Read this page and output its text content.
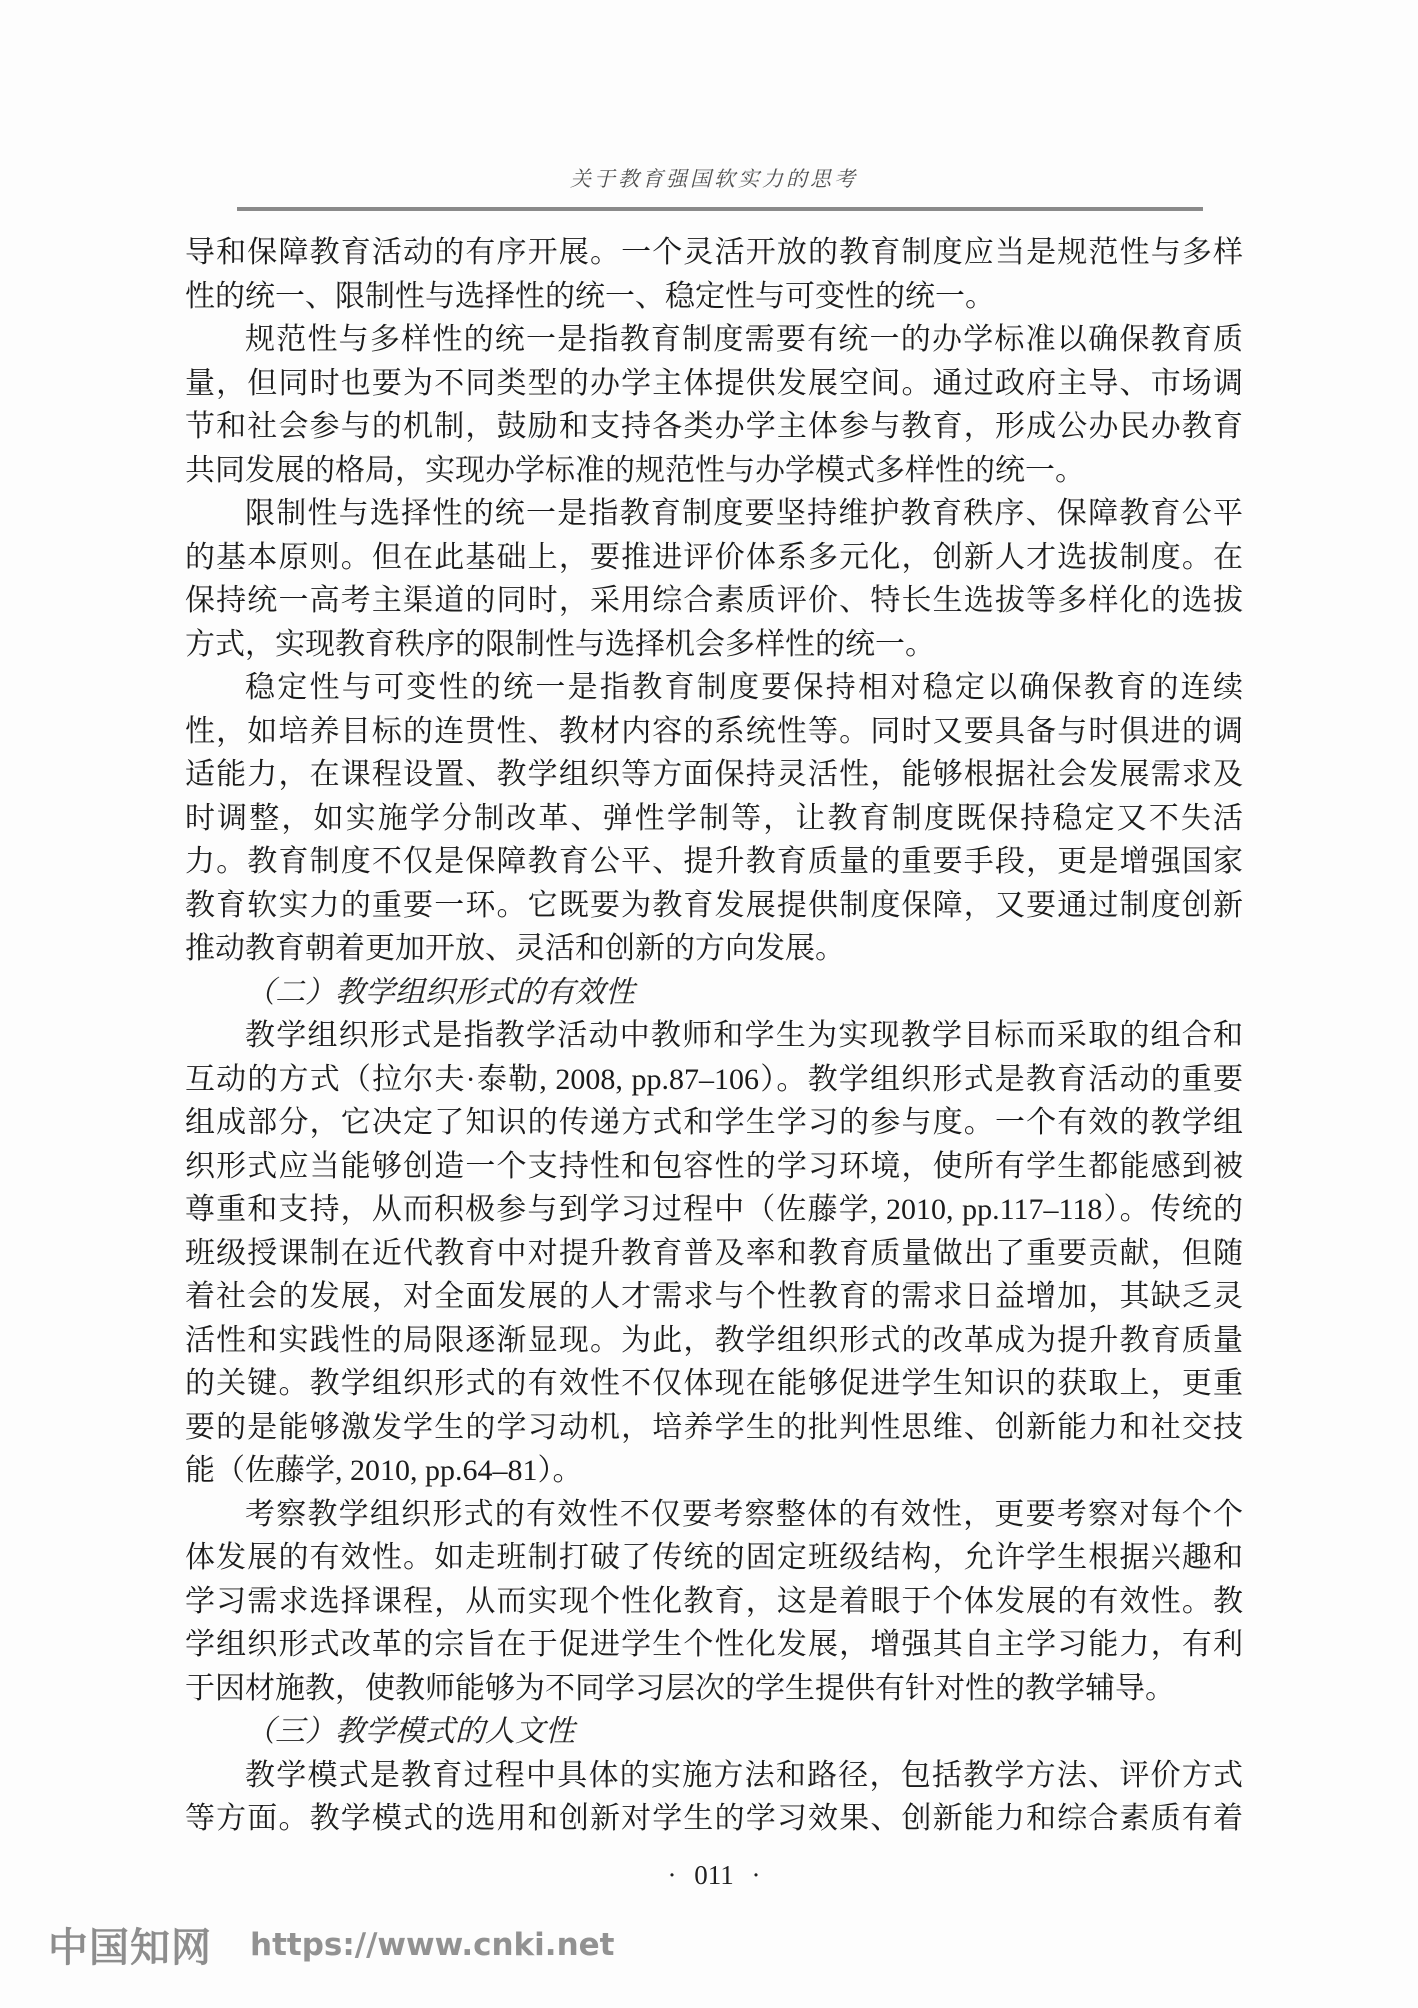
关于教育强国软实力的思考
导和保障教育活动的有序开展。一个灵活开放的教育制度应当是规范性与多样
性的统一、限制性与选择性的统一、稳定性与可变性的统一。
规范性与多样性的统一是指教育制度需要有统一的办学标准以确保教育质
量，但同时也要为不同类型的办学主体提供发展空间。通过政府主导、市场调
节和社会参与的机制，鼓励和支持各类办学主体参与教育，形成公办民办教育
共同发展的格局，实现办学标准的规范性与办学模式多样性的统一。
限制性与选择性的统一是指教育制度要坚持维护教育秩序、保障教育公平
的基本原则。但在此基础上，要推进评价体系多元化，创新人才选拔制度。在
保持统一高考主渠道的同时，采用综合素质评价、特长生选拔等多样化的选拔
方式，实现教育秩序的限制性与选择机会多样性的统一。
稳定性与可变性的统一是指教育制度要保持相对稳定以确保教育的连续
性，如培养目标的连贯性、教材内容的系统性等。同时又要具备与时俱进的调
适能力，在课程设置、教学组织等方面保持灵活性，能够根据社会发展需求及
时调整，如实施学分制改革、弹性学制等，让教育制度既保持稳定又不失活
力。教育制度不仅是保障教育公平、提升教育质量的重要手段，更是增强国家
教育软实力的重要一环。它既要为教育发展提供制度保障，又要通过制度创新
推动教育朝着更加开放、灵活和创新的方向发展。
（二）教学组织形式的有效性
教学组织形式是指教学活动中教师和学生为实现教学目标而采取的组合和
互动的方式（拉尔夫·泰勒, 2008, pp.87–106）。教学组织形式是教育活动的重要
组成部分，它决定了知识的传递方式和学生学习的参与度。一个有效的教学组
织形式应当能够创造一个支持性和包容性的学习环境，使所有学生都能感到被
尊重和支持，从而积极参与到学习过程中（佐藤学, 2010, pp.117–118）。传统的
班级授课制在近代教育中对提升教育普及率和教育质量做出了重要贡献，但随
着社会的发展，对全面发展的人才需求与个性教育的需求日益增加，其缺乏灵
活性和实践性的局限逐渐显现。为此，教学组织形式的改革成为提升教育质量
的关键。教学组织形式的有效性不仅体现在能够促进学生知识的获取上，更重
要的是能够激发学生的学习动机，培养学生的批判性思维、创新能力和社交技
能（佐藤学, 2010, pp.64–81）。
考察教学组织形式的有效性不仅要考察整体的有效性，更要考察对每个个
体发展的有效性。如走班制打破了传统的固定班级结构，允许学生根据兴趣和
学习需求选择课程，从而实现个性化教育，这是着眼于个体发展的有效性。教
学组织形式改革的宗旨在于促进学生个性化发展，增强其自主学习能力，有利
于因材施教，使教师能够为不同学习层次的学生提供有针对性的教学辅导。
（三）教学模式的人文性
教学模式是教育过程中具体的实施方法和路径，包括教学方法、评价方式
等方面。教学模式的选用和创新对学生的学习效果、创新能力和综合素质有着
· 011 ·
中国知网 https://www.cnki.net
